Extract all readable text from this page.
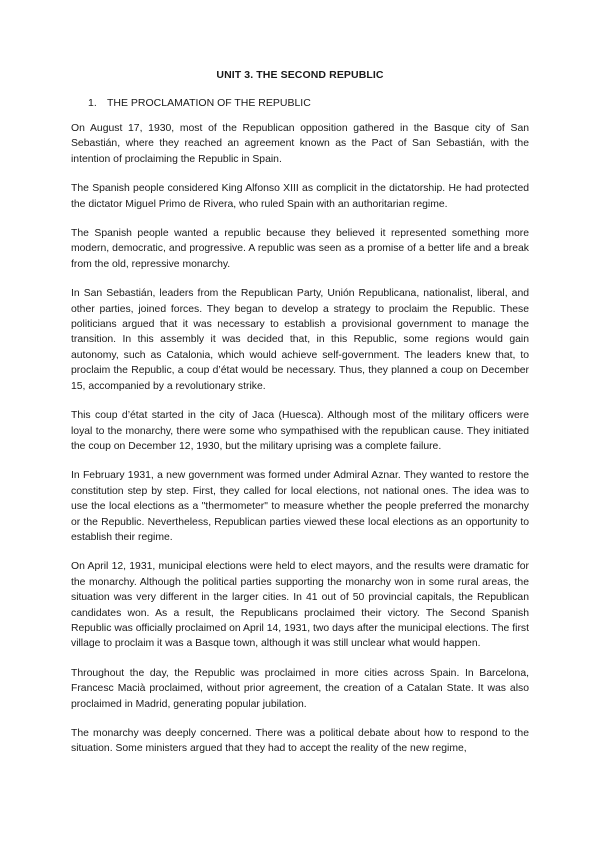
UNIT 3. THE SECOND REPUBLIC
1. THE PROCLAMATION OF THE REPUBLIC

On August 17, 1930, most of the Republican opposition gathered in the Basque city of San Sebastián, where they reached an agreement known as the Pact of San Sebastián, with the intention of proclaiming the Republic in Spain.

The Spanish people considered King Alfonso XIII as complicit in the dictatorship. He had protected the dictator Miguel Primo de Rivera, who ruled Spain with an authoritarian regime.

The Spanish people wanted a republic because they believed it represented something more modern, democratic, and progressive. A republic was seen as a promise of a better life and a break from the old, repressive monarchy.

In San Sebastián, leaders from the Republican Party, Unión Republicana, nationalist, liberal, and other parties, joined forces. They began to develop a strategy to proclaim the Republic. These politicians argued that it was necessary to establish a provisional government to manage the transition. In this assembly it was decided that, in this Republic, some regions would gain autonomy, such as Catalonia, which would achieve self-government. The leaders knew that, to proclaim the Republic, a coup d’état would be necessary. Thus, they planned a coup on December 15, accompanied by a revolutionary strike.

This coup d’état started in the city of Jaca (Huesca). Although most of the military officers were loyal to the monarchy, there were some who sympathised with the republican cause. They initiated the coup on December 12, 1930, but the military uprising was a complete failure.

In February 1931, a new government was formed under Admiral Aznar. They wanted to restore the constitution step by step. First, they called for local elections, not national ones. The idea was to use the local elections as a "thermometer" to measure whether the people preferred the monarchy or the Republic. Nevertheless, Republican parties viewed these local elections as an opportunity to establish their regime.

On April 12, 1931, municipal elections were held to elect mayors, and the results were dramatic for the monarchy. Although the political parties supporting the monarchy won in some rural areas, the situation was very different in the larger cities. In 41 out of 50 provincial capitals, the Republican candidates won. As a result, the Republicans proclaimed their victory. The Second Spanish Republic was officially proclaimed on April 14, 1931, two days after the municipal elections. The first village to proclaim it was a Basque town, although it was still unclear what would happen.

Throughout the day, the Republic was proclaimed in more cities across Spain. In Barcelona, Francesc Macià proclaimed, without prior agreement, the creation of a Catalan State. It was also proclaimed in Madrid, generating popular jubilation.

The monarchy was deeply concerned. There was a political debate about how to respond to the situation. Some ministers argued that they had to accept the reality of the new regime,
